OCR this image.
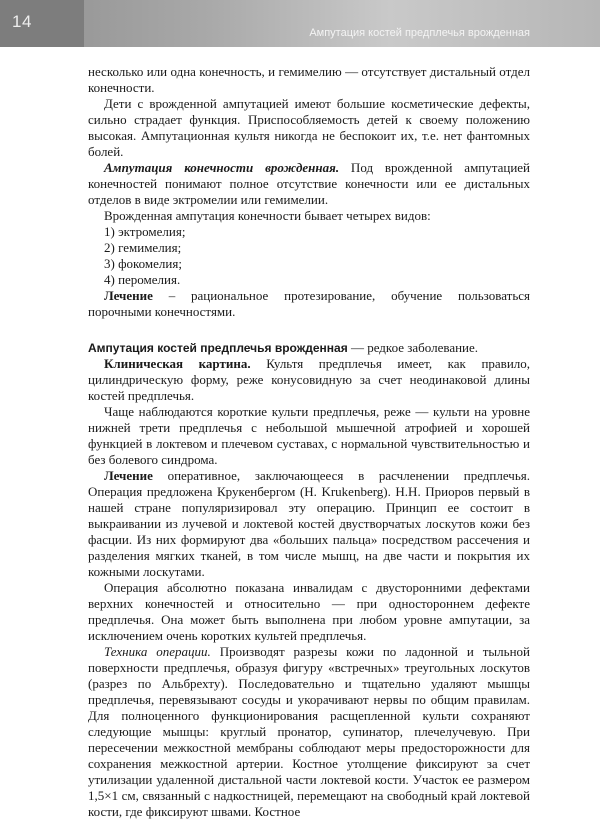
14
Ампутация костей предплечья врожденная

несколько или одна конечность, и гемимелию — отсутствует дистальный отдел конечности.

Дети с врожденной ампутацией имеют большие косметические дефекты, сильно страдает функция. Приспособляемость детей к своему положению высокая. Ампутационная культя никогда не беспокоит их, т.е. нет фантомных болей.

Ампутация конечности врожденная. Под врожденной ампутацией конечностей понимают полное отсутствие конечности или ее дистальных отделов в виде эктромелии или гемимелии.

Врожденная ампутация конечности бывает четырех видов:

1) эктромелия;

2) гемимелия;

3) фокомелия;

4) перомелия.

Лечение – рациональное протезирование, обучение пользоваться порочными конечностями.

Ампутация костей предплечья врожденная — редкое заболевание.

Клиническая картина. Культя предплечья имеет, как правило, цилиндрическую форму, реже конусовидную за счет неодинаковой длины костей предплечья.

Чаще наблюдаются короткие культи предплечья, реже — культи на уровне нижней трети предплечья с небольшой мышечной атрофией и хорошей функцией в локтевом и плечевом суставах, с нормальной чувствительностью и без болевого синдрома.

Лечение оперативное, заключающееся в расчленении предплечья. Операция предложена Крукенбергом (H. Krukenberg). Н.Н. Приоров первый в нашей стране популяризировал эту операцию. Принцип ее состоит в выкраивании из лучевой и локтевой костей двустворчатых лоскутов кожи без фасции. Из них формируют два «больших пальца» посредством рассечения и разделения мягких тканей, в том числе мышц, на две части и покрытия их кожными лоскутами.

Операция абсолютно показана инвалидам с двусторонними дефектами верхних конечностей и относительно — при одностороннем дефекте предплечья. Она может быть выполнена при любом уровне ампутации, за исключением очень коротких культей предплечья.

Техника операции. Производят разрезы кожи по ладонной и тыльной поверхности предплечья, образуя фигуру «встречных» треугольных лоскутов (разрез по Альбрехту). Последовательно и тщательно удаляют мышцы предплечья, перевязывают сосуды и укорачивают нервы по общим правилам. Для полноценного функционирования расщепленной культи сохраняют следующие мышцы: круглый пронатор, супинатор, плечелучевую. При пересечении межкостной мембраны соблюдают меры предосторожности для сохранения межкостной артерии. Костное утолщение фиксируют за счет утилизации удаленной дистальной части локтевой кости. Участок ее размером 1,5×1 см, связанный с надкостницей, перемещают на свободный край локтевой кости, где фиксируют швами. Костное
